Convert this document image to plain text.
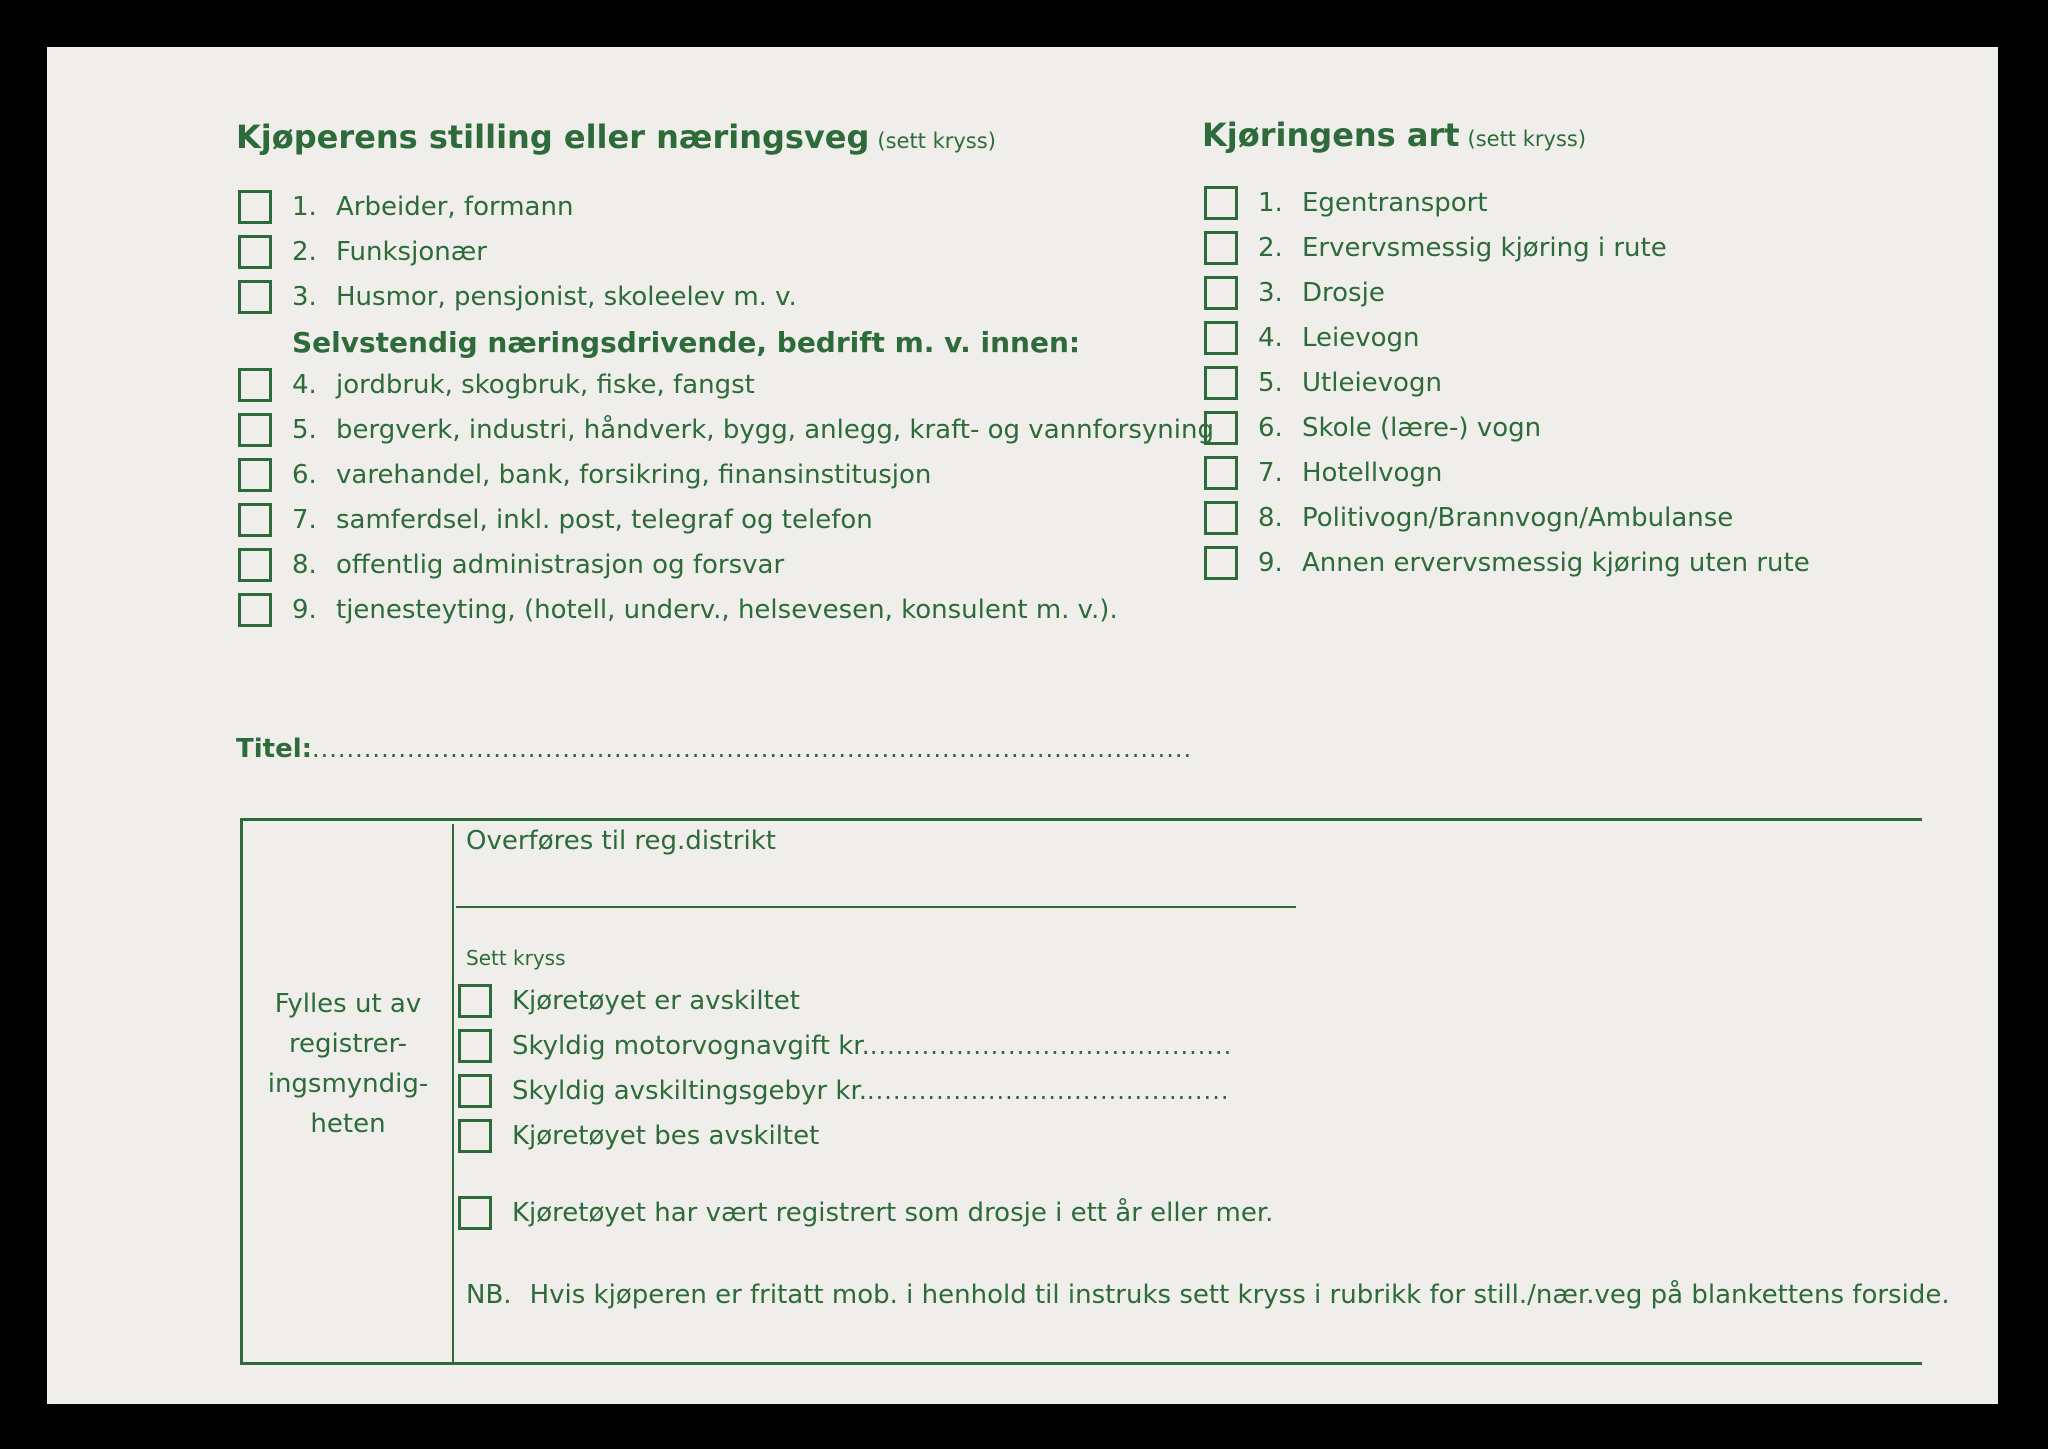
Kjøperens stilling eller næringsveg (sett kryss)
1. Arbeider, formann
2. Funksjonær
3. Husmor, pensjonist, skoleelev m. v.
Selvstendig næringsdrivende, bedrift m. v. innen:
4. jordbruk, skogbruk, fiske, fangst
5. bergverk, industri, håndverk, bygg, anlegg, kraft- og vannforsyning
6. varehandel, bank, forsikring, finansinstitusjon
7. samferdsel, inkl. post, telegraf og telefon
8. offentlig administrasjon og forsvar
9. tjenesteyting, (hotell, underv., helsevesen, konsulent m. v.).
Kjøringens art (sett kryss)
1. Egentransport
2. Ervervsmessig kjøring i rute
3. Drosje
4. Leievogn
5. Utleievogn
6. Skole (lære-) vogn
7. Hotellvogn
8. Politivogn/Brannvogn/Ambulanse
9. Annen ervervsmessig kjøring uten rute
Titel: ......................................................................................................
Fylles ut av registrer-ingsmyndig-heten
Overføres til reg.distrikt
Sett kryss
Kjøretøyet er avskiltet
Skyldig motorvognavgift kr. ..........................................
Skyldig avskiltingsgebyr kr. ..........................................
Kjøretøyet bes avskiltet
Kjøretøyet har vært registrert som drosje i ett år eller mer.
NB. Hvis kjøperen er fritatt mob. i henhold til instruks sett kryss i rubrikk for still./nær.veg på blankettens forside.
